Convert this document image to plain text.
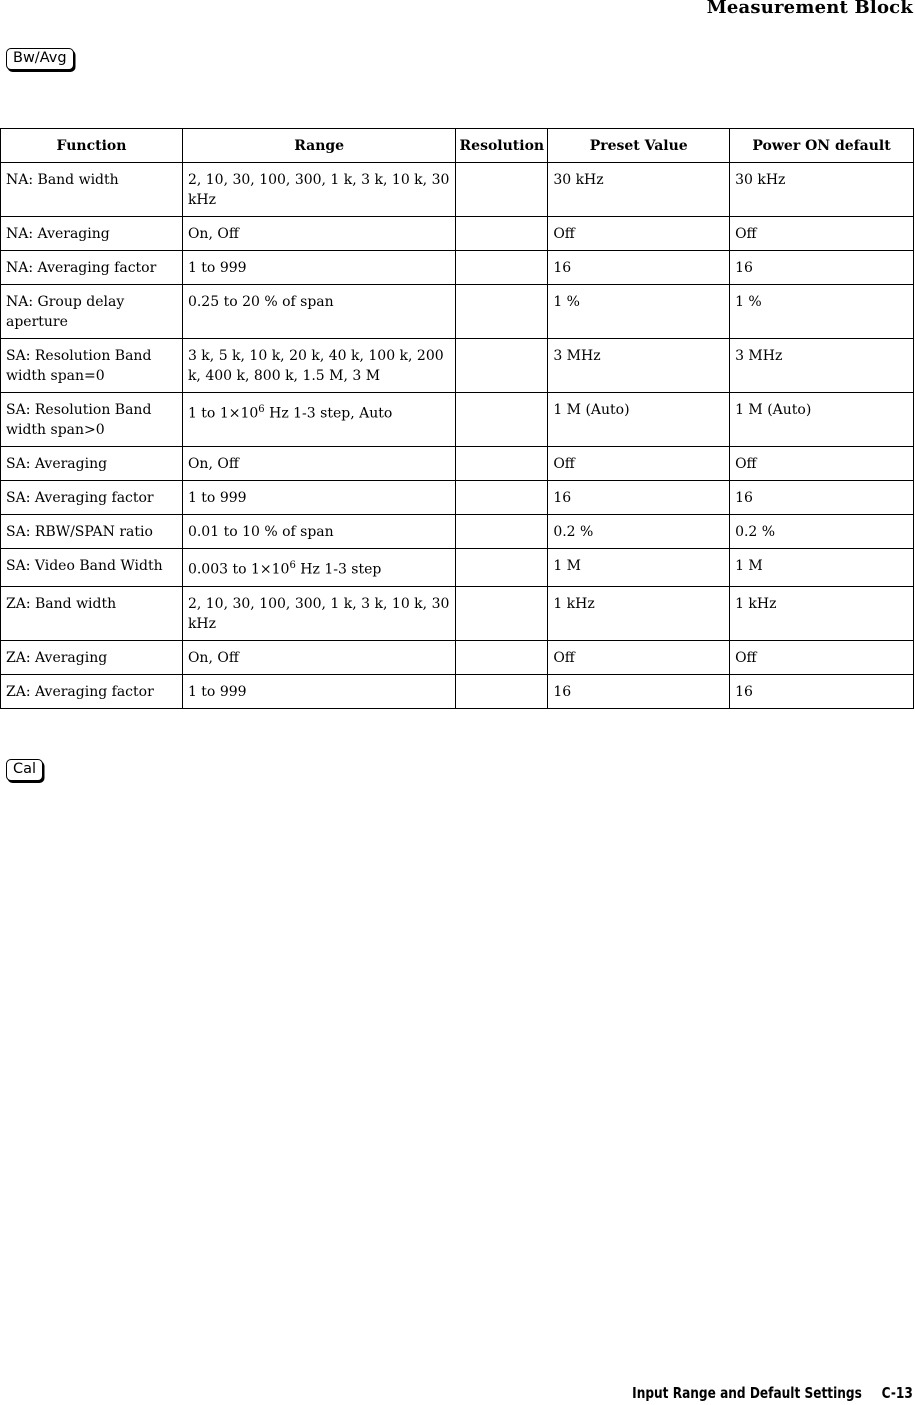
Measurement Block
Bw/Avg
Function	Range	Resolution	Preset Value	Power ON default
NA: Band width	2, 10, 30, 100, 300, 1 k, 3 k, 10 k, 30 kHz		30 kHz	30 kHz
NA: Averaging	On, Off		Off	Off
NA: Averaging factor	1 to 999		16	16
NA: Group delay aperture	0.25 to 20 % of span		1 %	1 %
SA: Resolution Band width span=0	3 k, 5 k, 10 k, 20 k, 40 k, 100 k, 200 k, 400 k, 800 k, 1.5 M, 3 M		3 MHz	3 MHz
SA: Resolution Band width span>0	1 to $1\times 10^6$ Hz 1-3 step, Auto		1 M (Auto)	1 M (Auto)
SA: Averaging	On, Off		Off	Off
SA: Averaging factor	1 to 999		16	16
SA: RBW/SPAN ratio	0.01 to 10 % of span		0.2 %	0.2 %
SA: Video Band Width	0.003 to $1\times 10^6$ Hz 1-3 step		1 M	1 M
ZA: Band width	2, 10, 30, 100, 300, 1 k, 3 k, 10 k, 30 kHz		1 kHz	1 kHz
ZA: Averaging	On, Off		Off	Off
ZA: Averaging factor	1 to 999		16	16
Cal
Input Range and Default Settings C-13
